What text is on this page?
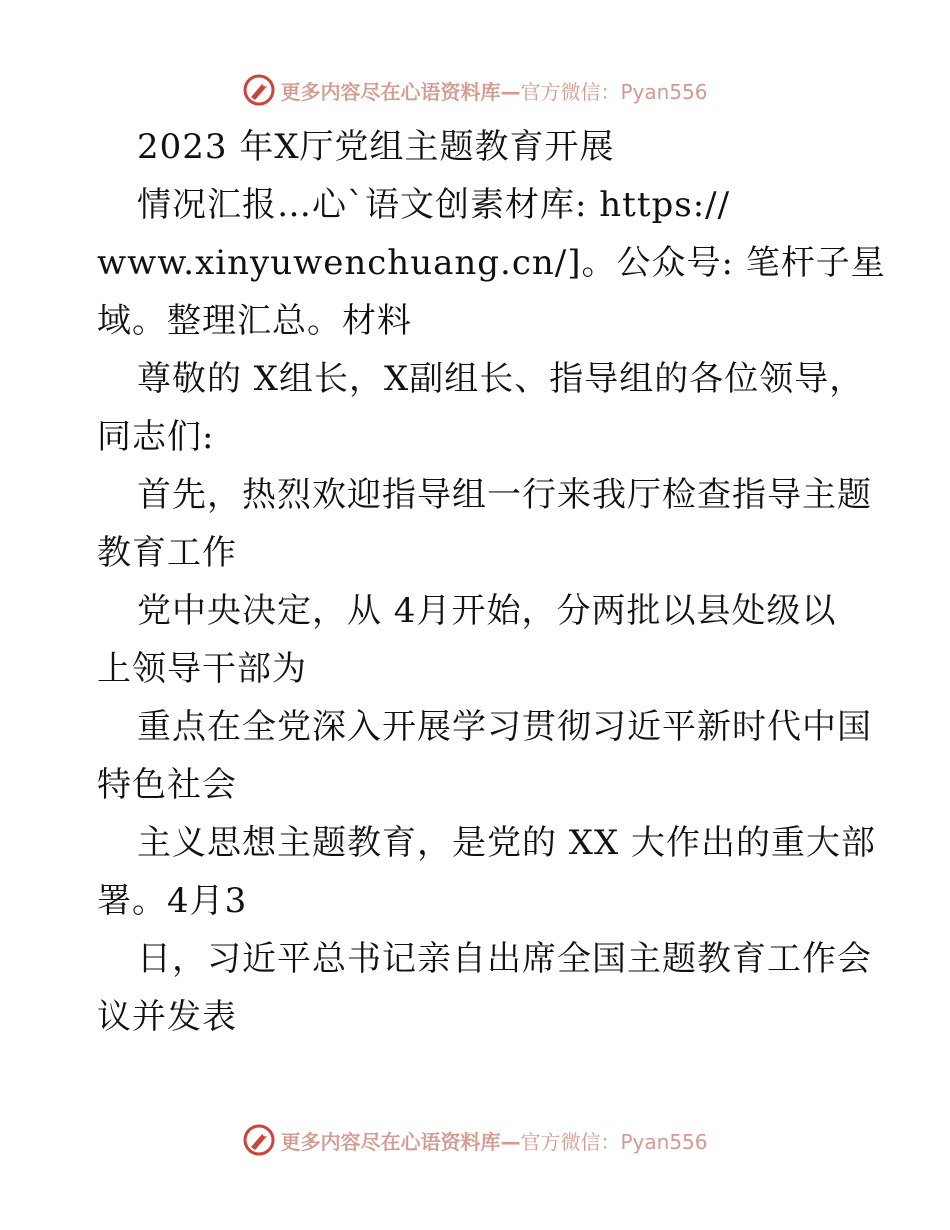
更多内容尽在心语资料库—官方微信：Pyan556
2023 年X厅党组主题教育开展
情况汇报…心`语文创素材库: https://
www.xinyuwenchuang.cn/]。公众号: 笔杆子星
域。整理汇总。材料
尊敬的 X组长，X副组长、指导组的各位领导，
同志们:
首先，热烈欢迎指导组一行来我厅检查指导主题
教育工作
党中央决定，从 4月开始，分两批以县处级以
上领导干部为
重点在全党深入开展学习贯彻习近平新时代中国
特色社会
主义思想主题教育，是党的 XX 大作出的重大部
署。4月3
日，习近平总书记亲自出席全国主题教育工作会
议并发表
更多内容尽在心语资料库—官方微信：Pyan556
